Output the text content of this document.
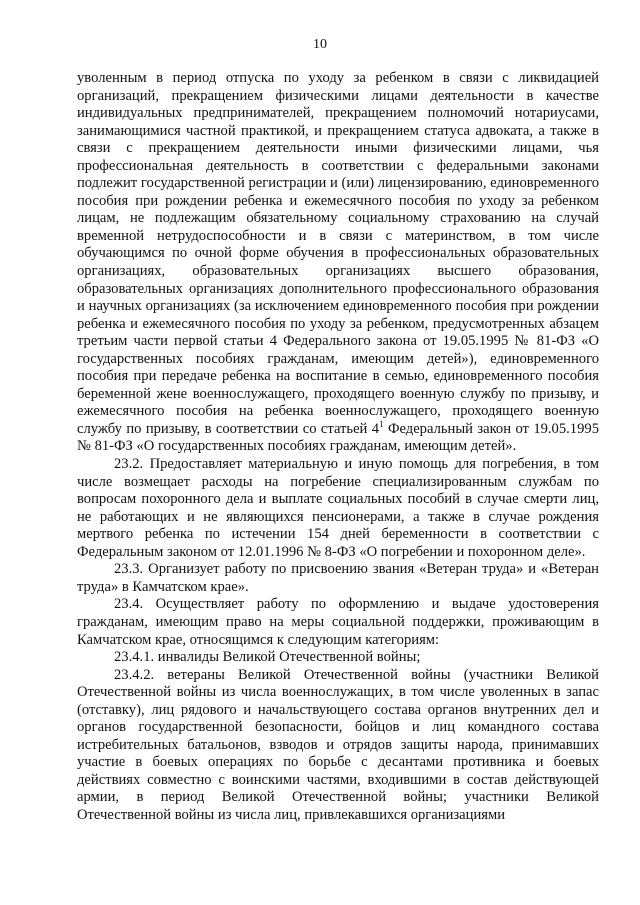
10

уволенным в период отпуска по уходу за ребенком в связи с ликвидацией организаций, прекращением физическими лицами деятельности в качестве индивидуальных предпринимателей, прекращением полномочий нотариусами, занимающимися частной практикой, и прекращением статуса адвоката, а также в связи с прекращением деятельности иными физическими лицами, чья профессиональная деятельность в соответствии с федеральными законами подлежит государственной регистрации и (или) лицензированию, единовременного пособия при рождении ребенка и ежемесячного пособия по уходу за ребенком лицам, не подлежащим обязательному социальному страхованию на случай временной нетрудоспособности и в связи с материнством, в том числе обучающимся по очной форме обучения в профессиональных образовательных организациях, образовательных организациях высшего образования, образовательных организациях дополнительного профессионального образования и научных организациях (за исключением единовременного пособия при рождении ребенка и ежемесячного пособия по уходу за ребенком, предусмотренных абзацем третьим части первой статьи 4 Федерального закона от 19.05.1995 № 81-ФЗ «О государственных пособиях гражданам, имеющим детей»), единовременного пособия при передаче ребенка на воспитание в семью, единовременного пособия беременной жене военнослужащего, проходящего военную службу по призыву, и ежемесячного пособия на ребенка военнослужащего, проходящего военную службу по призыву, в соответствии со статьей $4^1$ Федеральный закон от 19.05.1995 № 81-ФЗ «О государственных пособиях гражданам, имеющим детей».

23.2. Предоставляет материальную и иную помощь для погребения, в том числе возмещает расходы на погребение специализированным службам по вопросам похоронного дела и выплате социальных пособий в случае смерти лиц, не работающих и не являющихся пенсионерами, а также в случае рождения мертвого ребенка по истечении 154 дней беременности в соответствии с Федеральным законом от 12.01.1996 № 8-ФЗ «О погребении и похоронном деле».

23.3. Организует работу по присвоению звания «Ветеран труда» и «Ветеран труда» в Камчатском крае».

23.4. Осуществляет работу по оформлению и выдаче удостоверения гражданам, имеющим право на меры социальной поддержки, проживающим в Камчатском крае, относящимся к следующим категориям:

23.4.1. инвалиды Великой Отечественной войны;

23.4.2. ветераны Великой Отечественной войны (участники Великой Отечественной войны из числа военнослужащих, в том числе уволенных в запас (отставку), лиц рядового и начальствующего состава органов внутренних дел и органов государственной безопасности, бойцов и лиц командного состава истребительных батальонов, взводов и отрядов защиты народа, принимавших участие в боевых операциях по борьбе с десантами противника и боевых действиях совместно с воинскими частями, входившими в состав действующей армии, в период Великой Отечественной войны; участники Великой Отечественной войны из числа лиц, привлекавшихся организациями
